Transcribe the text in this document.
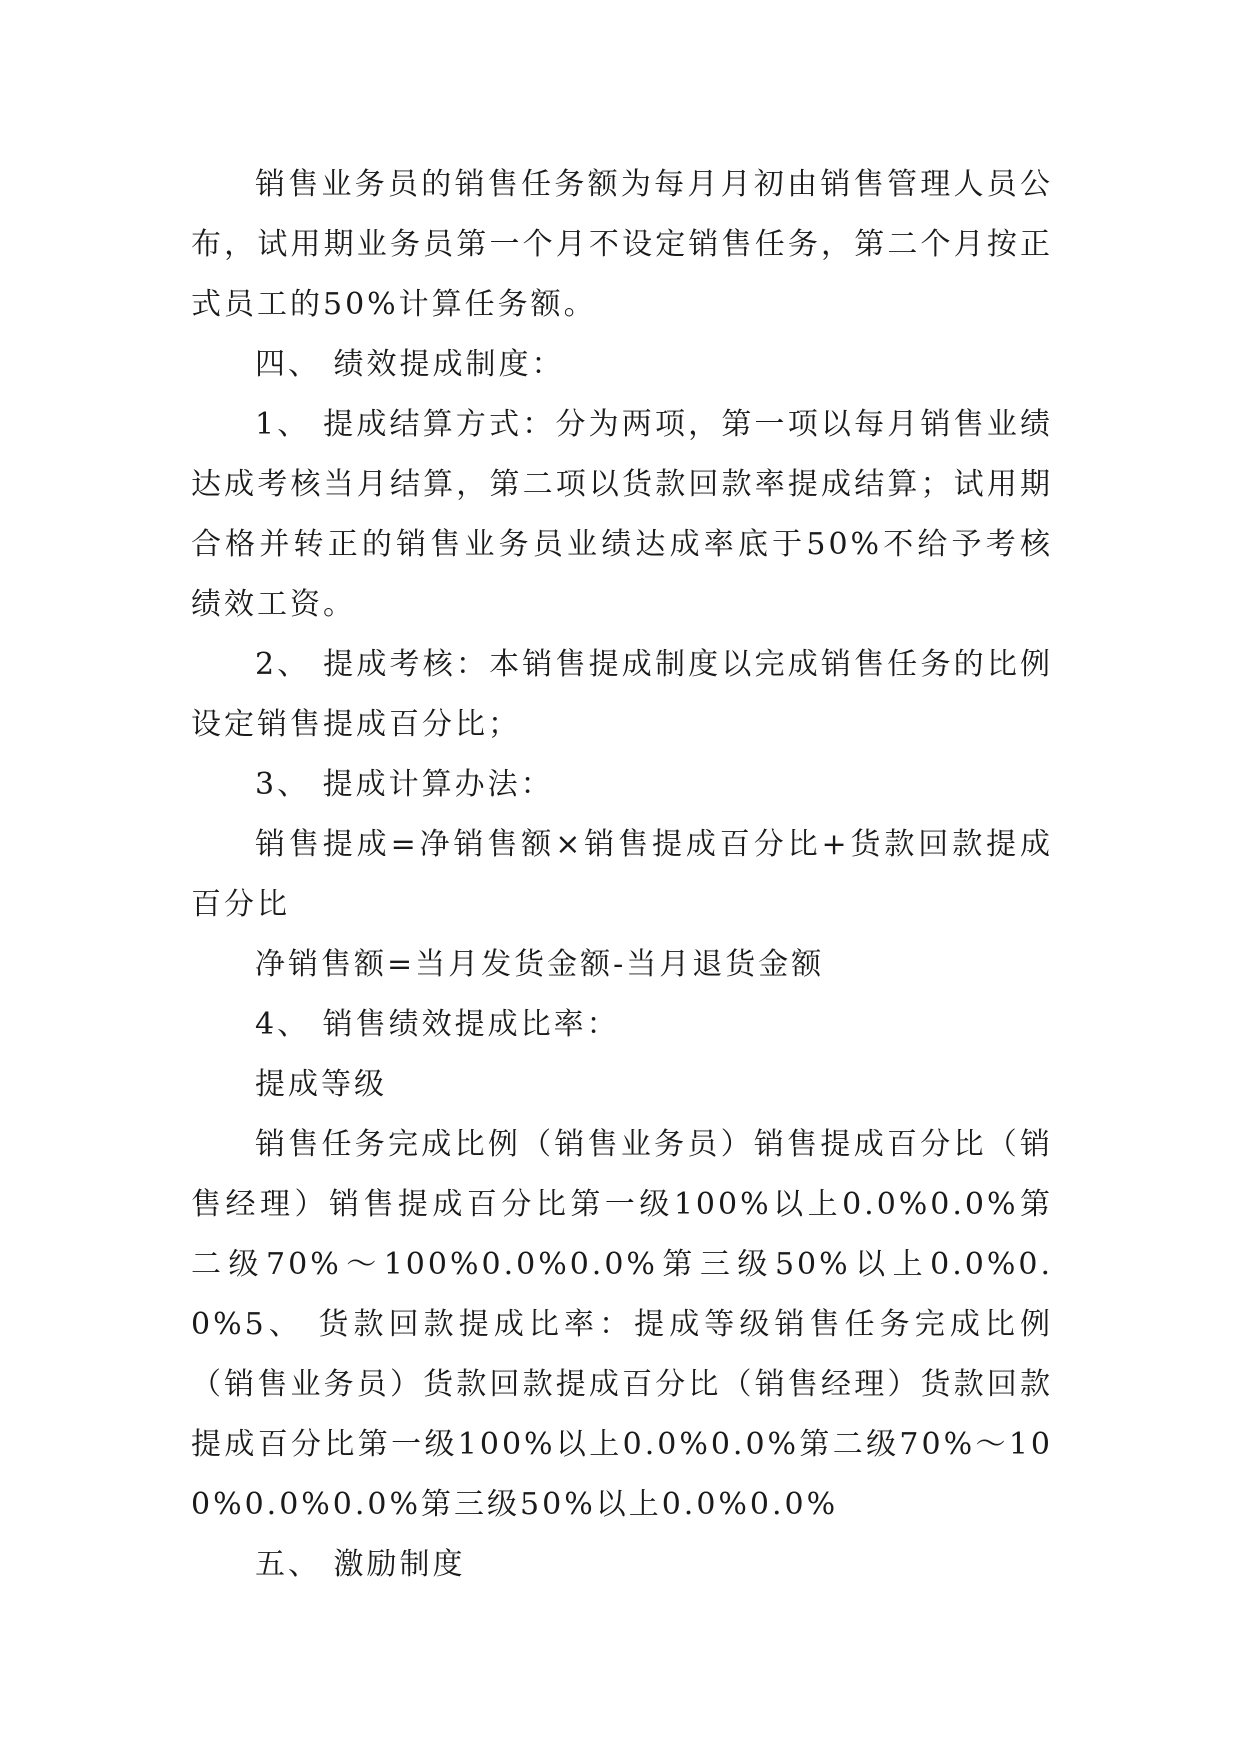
销售业务员的销售任务额为每月月初由销售管理人员公布，试用期业务员第一个月不设定销售任务，第二个月按正式员工的50%计算任务额。

四、 绩效提成制度：

1、 提成结算方式：分为两项，第一项以每月销售业绩达成考核当月结算，第二项以货款回款率提成结算；试用期合格并转正的销售业务员业绩达成率底于50%不给予考核绩效工资。

2、 提成考核：本销售提成制度以完成销售任务的比例设定销售提成百分比；

3、 提成计算办法：

销售提成=净销售额×销售提成百分比+货款回款提成百分比

净销售额=当月发货金额-当月退货金额

4、 销售绩效提成比率：

提成等级

销售任务完成比例（销售业务员）销售提成百分比（销售经理）销售提成百分比第一级100%以上0.0%0.0%第二级70%～100%0.0%0.0%第三级50%以上0.0%0.0%5、 货款回款提成比率：提成等级销售任务完成比例（销售业务员）货款回款提成百分比（销售经理）货款回款提成百分比第一级100%以上0.0%0.0%第二级70%～100%0.0%0.0%第三级50%以上0.0%0.0%

五、 激励制度
